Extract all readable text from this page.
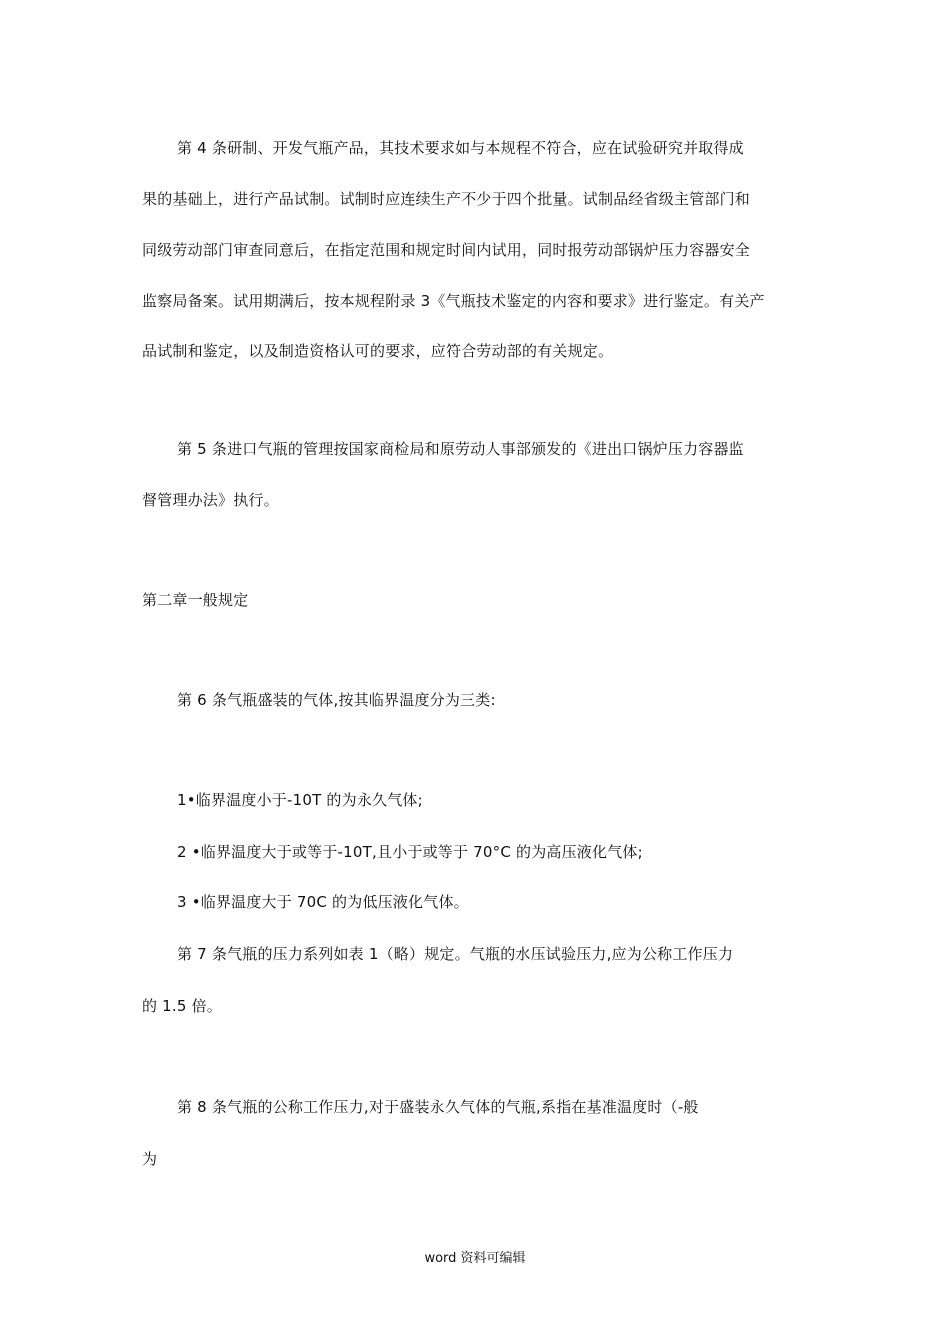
第 4 条研制、开发气瓶产品，其技术要求如与本规程不符合，应在试验研究并取得成
果的基础上，进行产品试制。试制时应连续生产不少于四个批量。试制品经省级主管部门和
同级劳动部门审查同意后，在指定范围和规定时间内试用，同时报劳动部锅炉压力容器安全
监察局备案。试用期满后，按本规程附录 3《气瓶技术鉴定的内容和要求》进行鉴定。有关产
品试制和鉴定，以及制造资格认可的要求，应符合劳动部的有关规定。
第 5 条进口气瓶的管理按国家商检局和原劳动人事部颁发的《进出口锅炉压力容器监
督管理办法》执行。
第二章一般规定
第 6 条气瓶盛装的气体,按其临界温度分为三类:
1•临界温度小于-10T 的为永久气体;
2 •临界温度大于或等于-10T,且小于或等于 70°C 的为高压液化气体;
3 •临界温度大于 70C 的为低压液化气体。
第 7 条气瓶的压力系列如表 1（略）规定。气瓶的水压试验压力,应为公称工作压力
的 1.5 倍。
第 8 条气瓶的公称工作压力,对于盛装永久气体的气瓶,系指在基准温度时（-般
为
word 资料可编辑
